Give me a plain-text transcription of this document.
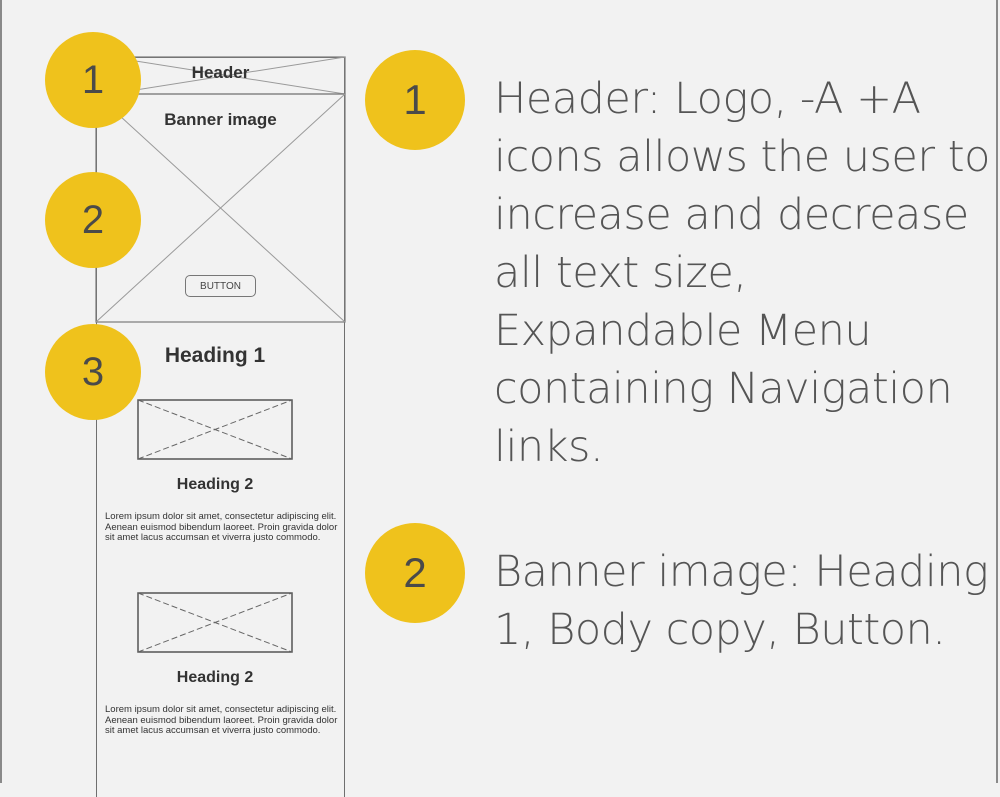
Header
Banner image
BUTTON
Heading 1
Heading 2
Lorem ipsum dolor sit amet, consectetur adipiscing elit. Aenean euismod bibendum laoreet. Proin gravida dolor sit amet lacus accumsan et viverra justo commodo.
Heading 2
Lorem ipsum dolor sit amet, consectetur adipiscing elit. Aenean euismod bibendum laoreet. Proin gravida dolor sit amet lacus accumsan et viverra justo commodo.
1
2
3
1	Header: Logo, -A +A icons allows the user to increase and decrease all text size, Expandable Menu containing Navigation links.
2	Banner image: Heading 1, Body copy, Button.
